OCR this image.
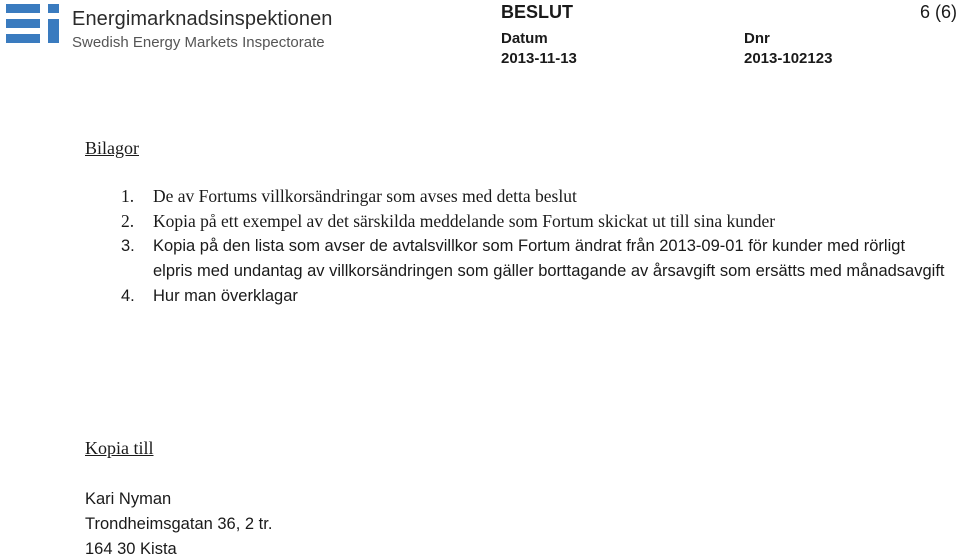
Energimarknadsinspektionen
Swedish Energy Markets Inspectorate
BESLUT	6 (6)
Datum
2013-11-13
Dnr
2013-102123
Bilagor
1. De av Fortums villkorsändringar som avses med detta beslut
2. Kopia på ett exempel av det särskilda meddelande som Fortum skickat ut till sina kunder
3. Kopia på den lista som avser de avtalsvillkor som Fortum ändrat från 2013-09-01 för kunder med rörligt elpris med undantag av villkorsändringen som gäller borttagande av årsavgift som ersätts med månadsavgift
4. Hur man överklagar
Kopia till
Kari Nyman
Trondheimsgatan 36, 2 tr.
164 30 Kista
